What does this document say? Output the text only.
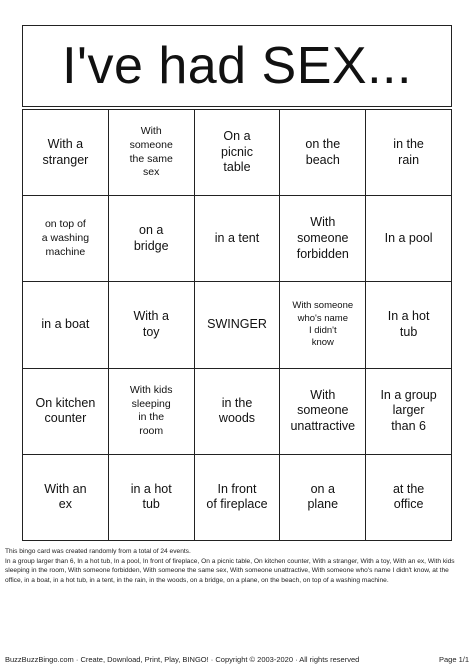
I've had SEX...
With a
stranger
With
someone
the same
sex
On a
picnic
table
on the
beach
in the
rain
on top of
a washing
machine
on a
bridge
in a tent
With
someone
forbidden
In a pool
in a boat
With a
toy
SWINGER
With someone
who's name
I didn't
know
In a hot
tub
On kitchen
counter
With kids
sleeping
in the
room
in the
woods
With
someone
unattractive
In a group
larger
than 6
With an
ex
in a hot
tub
In front
of fireplace
on a
plane
at the
office
This bingo card was created randomly from a total of 24 events.
In a group larger than 6, In a hot tub, In a pool, In front of fireplace, On a picnic table, On kitchen counter, With a stranger, With a toy, With an ex, With kids sleeping in the room, With someone forbidden, With someone the same sex, With someone unattractive, With someone who's name I didn't know, at the office, in a boat, in a hot tub, in a tent, in the rain, in the woods, on a bridge, on a plane, on the beach, on top of a washing machine.
BuzzBuzzBingo.com · Create, Download, Print, Play, BINGO! · Copyright © 2003-2020 · All rights reserved	Page 1/1
